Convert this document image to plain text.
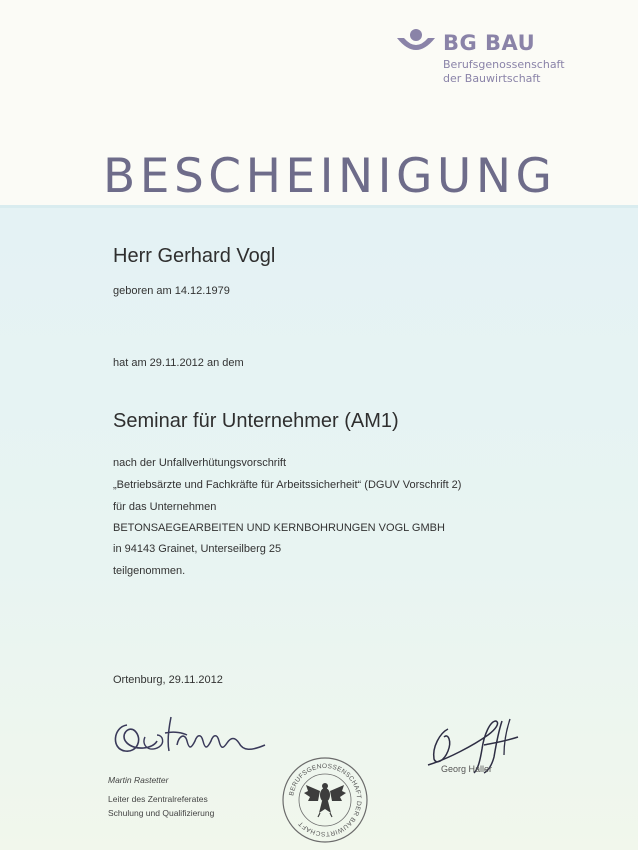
BG BAU
Berufsgenossenschaft
der Bauwirtschaft
BESCHEINIGUNG
Herr Gerhard Vogl
geboren am 14.12.1979
hat am 29.11.2012 an dem
Seminar für Unternehmer (AM1)
nach der Unfallverhütungsvorschrift
„Betriebsärzte und Fachkräfte für Arbeitssicherheit“ (DGUV Vorschrift 2)
für das Unternehmen
BETONSAEGEARBEITEN UND KERNBOHRUNGEN VOGL GMBH
in 94143 Grainet, Unterseilberg 25
teilgenommen.
Ortenburg, 29.11.2012
Martin Rastetter
Leiter des Zentralreferates
Schulung und Qualifizierung
Georg Haller
BERUFSGENOSSENSCHAFT DER BAUWIRTSCHAFT
